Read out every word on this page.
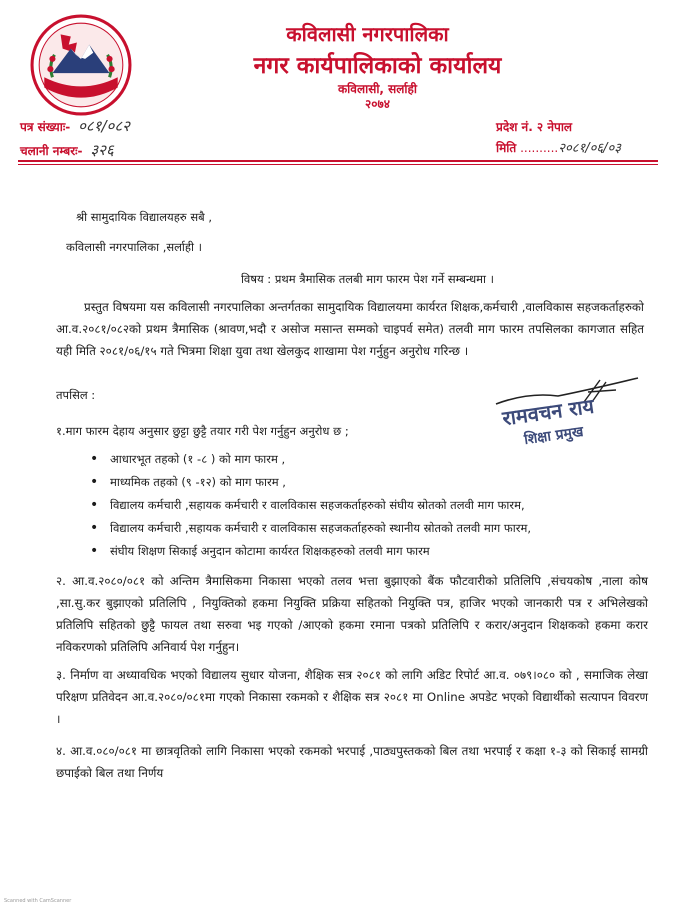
कविलासी नगरपालिका
नगर कार्यपालिकाको कार्यालय
कविलासी, सर्लाही
२०७४
पत्र संख्याः- ०८१/०८२	प्रदेश नं. २ नेपाल
चलानी नम्बरः- ३२६	मिति ..........२०८१/०६/०३
श्री सामुदायिक विद्यालयहरु सबै ,
कविलासी नगरपालिका ,सर्लाही ।
विषय : प्रथम त्रैमासिक तलबी माग फारम पेश गर्ने सम्बन्धमा ।
प्रस्तुत विषयमा यस कविलासी नगरपालिका अन्तर्गतका सामुदायिक विद्यालयमा कार्यरत शिक्षक,कर्मचारी ,वालविकास सहजकर्ताहरुको आ.व.२०८१/०८२को प्रथम त्रैमासिक (श्रावण,भदौ र असोज मसान्त सम्मको चाइपर्व समेत) तलवी माग फारम तपसिलका कागजात सहित यही मिति २०८१/०६/१५ गते भित्रमा शिक्षा युवा तथा खेलकुद शाखामा पेश गर्नुहुन अनुरोध गरिन्छ ।
तपसिल :
१.माग फारम देहाय अनुसार छुट्टा छुट्टै तयार गरी पेश गर्नुहुन अनुरोध छ ;
• आधारभूत तहको (१ -८ ) को माग फारम ,
• माध्यमिक तहको (९ -१२) को माग फारम ,
• विद्यालय कर्मचारी ,सहायक कर्मचारी र वालविकास सहजकर्ताहरुको संघीय स्रोतको तलवी माग फारम,
• विद्यालय कर्मचारी ,सहायक कर्मचारी र वालविकास सहजकर्ताहरुको स्थानीय स्रोतको तलवी माग फारम,
• संघीय शिक्षण सिकाई अनुदान कोटामा कार्यरत शिक्षकहरुको तलवी माग फारम
२. आ.व.२०८०/०८१ को अन्तिम त्रैमासिकमा निकासा भएको तलव भत्ता बुझाएको बैंक फौटवारीको प्रतिलिपि ,संचयकोष ,नाला कोष ,सा.सु.कर बुझाएको प्रतिलिपि , नियुक्तिको हकमा नियुक्ति प्रक्रिया सहितको नियुक्ति पत्र, हाजिर भएको जानकारी पत्र र अभिलेखको प्रतिलिपि सहितको छुट्टै फायल तथा सरुवा भइ गएको /आएको हकमा रमाना पत्रको प्रतिलिपि र करार/अनुदान शिक्षकको हकमा करार नविकरणको प्रतिलिपि अनिवार्य पेश गर्नुहुन।
३. निर्माण वा अध्यावधिक भएको विद्यालय सुधार योजना, शैक्षिक सत्र २०८१ को लागि अडिट रिपोर्ट आ.व. ०७९।०८० को , समाजिक लेखा परिक्षण प्रतिवेदन आ.व.२०८०/०८१मा गएको निकासा रकमको र शैक्षिक सत्र २०८१ मा Online अपडेट भएको विद्यार्थीको सत्यापन विवरण ।
४. आ.व.०८०/०८१ मा छात्रवृतिको लागि निकासा भएको रकमको भरपाई ,पाठ्यपुस्तकको बिल तथा भरपाई र कक्षा १-३ को सिकाई सामग्री छपाईको बिल तथा निर्णय
रामवचन राय
शिक्षा प्रमुख
Scanned with CamScanner
